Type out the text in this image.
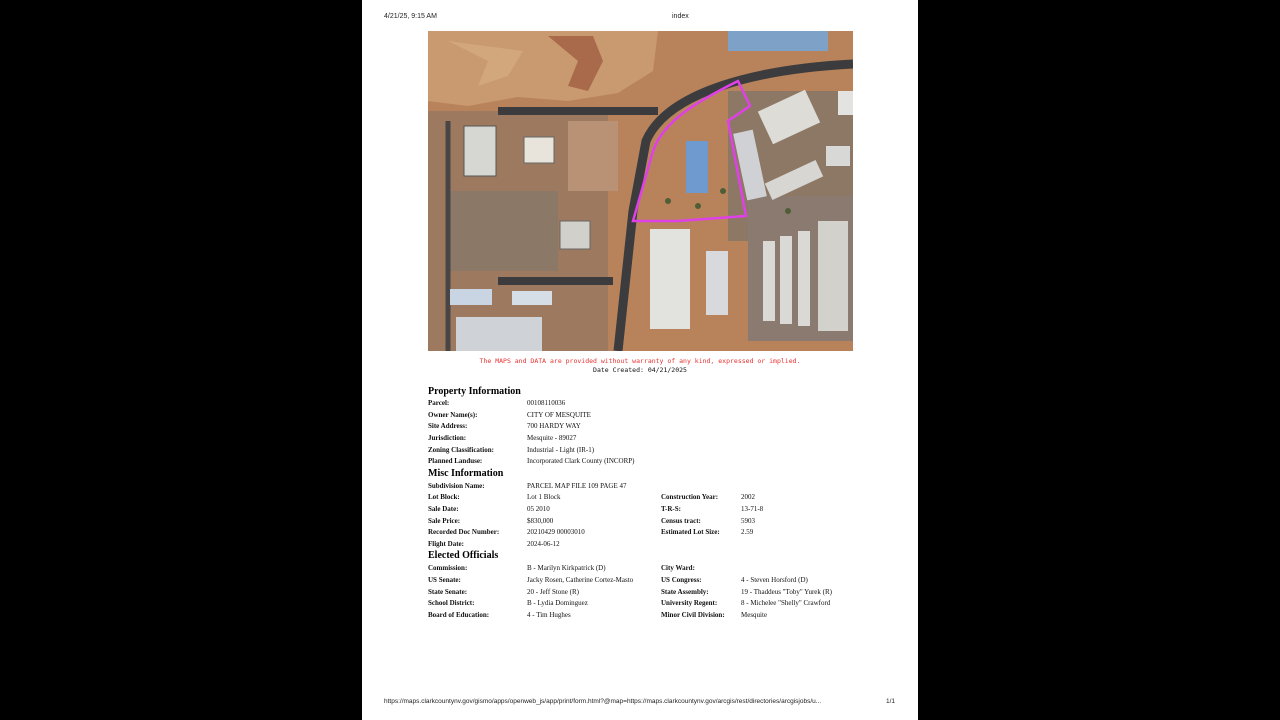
4/21/25, 9:15 AM	index
The MAPS and DATA are provided without warranty of any kind, expressed or implied.
Date Created: 04/21/2025
Property Information
Parcel:	00108110036
Owner Name(s):	CITY OF MESQUITE
Site Address:	700 HARDY WAY
Jurisdiction:	Mesquite - 89027
Zoning Classification:	Industrial - Light (IR-1)
Planned Landuse:	Incorporated Clark County (INCORP)
Misc Information
Subdivision Name:	PARCEL MAP FILE 109 PAGE 47
Lot Block:	Lot 1 Block	Construction Year:	2002
Sale Date:	05 2010	T-R-S:	13-71-8
Sale Price:	$830,000	Census tract:	5903
Recorded Doc Number:	20210429 00003010	Estimated Lot Size:	2.59
Flight Date:	2024-06-12
Elected Officials
Commission:	B - Marilyn Kirkpatrick (D)	City Ward:
US Senate:	Jacky Rosen, Catherine Cortez-Masto	US Congress:	4 - Steven Horsford (D)
State Senate:	20 - Jeff Stone (R)	State Assembly:	19 - Thaddeus "Toby" Yurek (R)
School District:	B - Lydia Dominguez	University Regent:	8 - Michelee "Shelly" Crawford
Board of Education:	4 - Tim Hughes	Minor Civil Division: Mesquite
https://maps.clarkcountynv.gov/gismo/apps/openweb_js/app/print/form.html?@map=https://maps.clarkcountynv.gov/arcgis/rest/directories/arcgisjobs/u...	1/1
